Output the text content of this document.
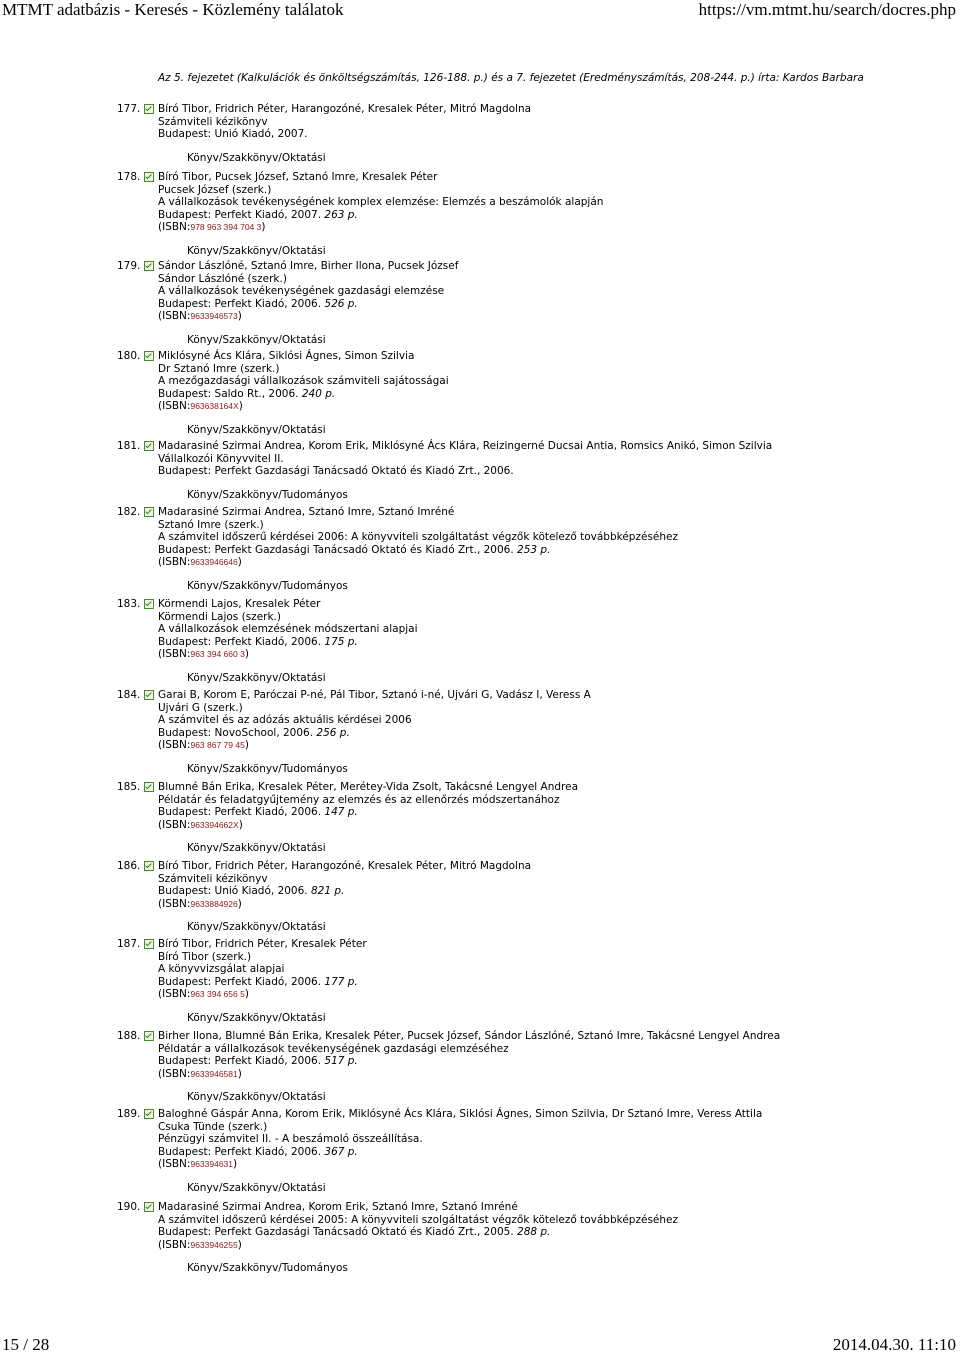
MTMT adatbázis - Keresés - Közlemény találatok	https://vm.mtmt.hu/search/docres.php
Az 5. fejezetet (Kalkulációk és önköltségszámítás, 126-188. p.) és a 7. fejezetet (Eredményszámítás, 208-244. p.) írta: Kardos Barbara
177. Bíró Tibor, Fridrich Péter, Harangozóné, Kresalek Péter, Mitró Magdolna
Számviteli kézikönyv
Budapest: Unió Kiadó, 2007.
Könyv/Szakkönyv/Oktatási
178. Bíró Tibor, Pucsek József, Sztanó Imre, Kresalek Péter
Pucsek József (szerk.)
A vállalkozások tevékenységének komplex elemzése: Elemzés a beszámolók alapján
Budapest: Perfekt Kiadó, 2007. 263 p.
(ISBN:978 963 394 704 3)
Könyv/Szakkönyv/Oktatási
179. Sándor Lászlóné, Sztanó Imre, Birher Ilona, Pucsek József
Sándor Lászlóné (szerk.)
A vállalkozások tevékenységének gazdasági elemzése
Budapest: Perfekt Kiadó, 2006. 526 p.
(ISBN:9633946573)
Könyv/Szakkönyv/Oktatási
180. Miklósyné Ács Klára, Siklósi Ágnes, Simon Szilvia
Dr Sztanó Imre (szerk.)
A mezőgazdasági vállalkozások számviteli sajátosságai
Budapest: Saldo Rt., 2006. 240 p.
(ISBN:963638164X)
Könyv/Szakkönyv/Oktatási
181. Madarasiné Szirmai Andrea, Korom Erik, Miklósyné Ács Klára, Reizingerné Ducsai Antia, Romsics Anikó, Simon Szilvia
Vállalkozói Könyvvitel II.
Budapest: Perfekt Gazdasági Tanácsadó Oktató és Kiadó Zrt., 2006.
Könyv/Szakkönyv/Tudományos
182. Madarasiné Szirmai Andrea, Sztanó Imre, Sztanó Imréné
Sztanó Imre (szerk.)
A számvitel időszerű kérdései 2006: A könyvviteli szolgáltatást végzők kötelező továbbképzéséhez
Budapest: Perfekt Gazdasági Tanácsadó Oktató és Kiadó Zrt., 2006. 253 p.
(ISBN:9633946646)
Könyv/Szakkönyv/Tudományos
183. Körmendi Lajos, Kresalek Péter
Körmendi Lajos (szerk.)
A vállalkozások elemzésének módszertani alapjai
Budapest: Perfekt Kiadó, 2006. 175 p.
(ISBN:963 394 660 3)
Könyv/Szakkönyv/Oktatási
184. Garai B, Korom E, Paróczai P-né, Pál Tibor, Sztanó i-né, Ujvári G, Vadász I, Veress A
Ujvári G (szerk.)
A számvitel és az adózás aktuális kérdései 2006
Budapest: NovoSchool, 2006. 256 p.
(ISBN:963 867 79 45)
Könyv/Szakkönyv/Tudományos
185. Blumné Bán Erika, Kresalek Péter, Merétey-Vida Zsolt, Takácsné Lengyel Andrea
Példatár és feladatgyűjtemény az elemzés és az ellenőrzés módszertanához
Budapest: Perfekt Kiadó, 2006. 147 p.
(ISBN:963394662X)
Könyv/Szakkönyv/Oktatási
186. Bíró Tibor, Fridrich Péter, Harangozóné, Kresalek Péter, Mitró Magdolna
Számviteli kézikönyv
Budapest: Unió Kiadó, 2006. 821 p.
(ISBN:9633884926)
Könyv/Szakkönyv/Oktatási
187. Bíró Tibor, Fridrich Péter, Kresalek Péter
Bíró Tibor (szerk.)
A könyvvizsgálat alapjai
Budapest: Perfekt Kiadó, 2006. 177 p.
(ISBN:963 394 656 5)
Könyv/Szakkönyv/Oktatási
188. Birher Ilona, Blumné Bán Erika, Kresalek Péter, Pucsek József, Sándor Lászlóné, Sztanó Imre, Takácsné Lengyel Andrea
Példatár a vállalkozások tevékenységének gazdasági elemzéséhez
Budapest: Perfekt Kiadó, 2006. 517 p.
(ISBN:9633946581)
Könyv/Szakkönyv/Oktatási
189. Baloghné Gáspár Anna, Korom Erik, Miklósyné Ács Klára, Siklósi Ágnes, Simon Szilvia, Dr Sztanó Imre, Veress Attila
Csuka Tünde (szerk.)
Pénzügyi számvitel II. - A beszámoló összeállítása.
Budapest: Perfekt Kiadó, 2006. 367 p.
(ISBN:963394631)
Könyv/Szakkönyv/Oktatási
190. Madarasiné Szirmai Andrea, Korom Erik, Sztanó Imre, Sztanó Imréné
A számvitel időszerű kérdései 2005: A könyvviteli szolgáltatást végzők kötelező továbbképzéséhez
Budapest: Perfekt Gazdasági Tanácsadó Oktató és Kiadó Zrt., 2005. 288 p.
(ISBN:9633946255)
Könyv/Szakkönyv/Tudományos
15 / 28	2014.04.30. 11:10
